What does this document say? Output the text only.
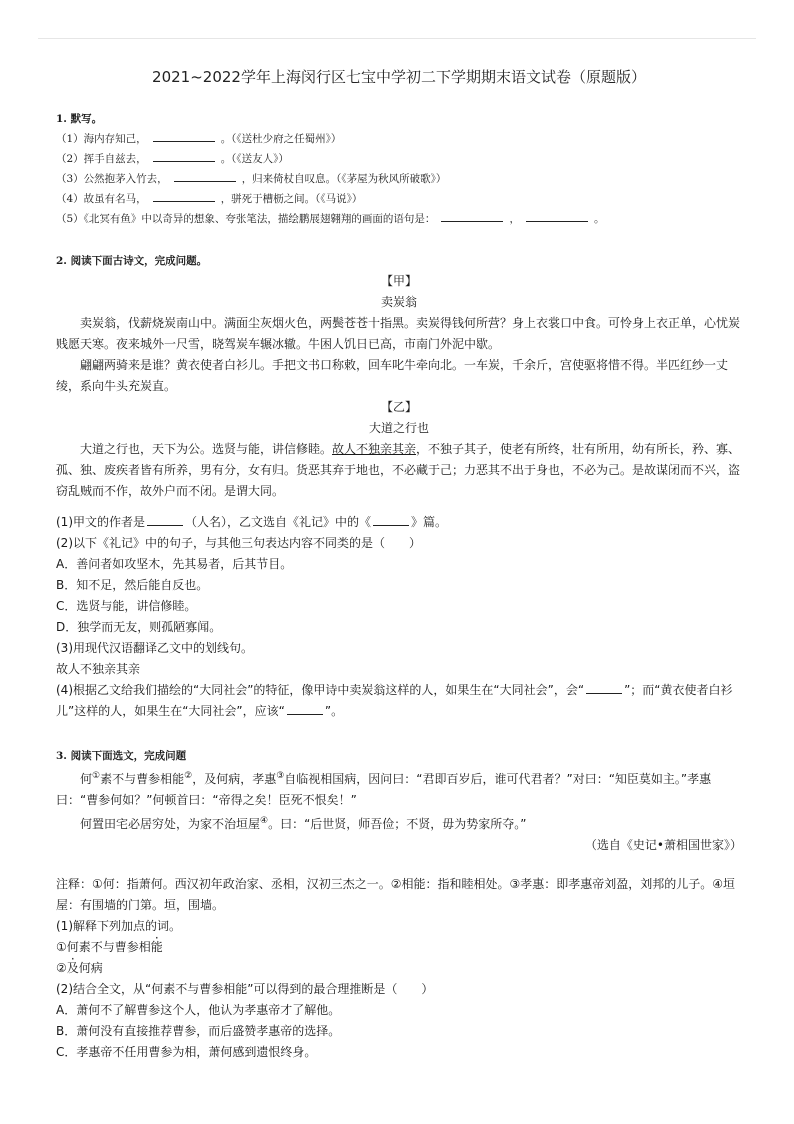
2021~2022学年上海闵行区七宝中学初二下学期期末语文试卷（原题版）
1. 默写。
（1）海内存知己，	。（《送杜少府之任蜀州》）
（2）挥手自兹去，	。（《送友人》）
（3）公然抱茅入竹去，	，归来倚杖自叹息。（《茅屋为秋风所破歌》）
（4）故虽有名马，	，骈死于槽枥之间。（《马说》）
（5）《北冥有鱼》中以奇异的想象、夸张笔法，描绘鹏展翅翱翔的画面的语句是：	，	。
2. 阅读下面古诗文，完成问题。
【甲】
卖炭翁
卖炭翁，伐薪烧炭南山中。满面尘灰烟火色，两鬓苍苍十指黑。卖炭得钱何所营？身上衣裳口中食。可怜身上衣正单，心忧炭贱愿天寒。夜来城外一尺雪，晓驾炭车辗冰辙。牛困人饥日已高，市南门外泥中歇。
翩翩两骑来是谁？黄衣使者白衫儿。手把文书口称敕，回车叱牛牵向北。一车炭，千余斤，宫使驱将惜不得。半匹红纱一丈绫，系向牛头充炭直。
【乙】
大道之行也
大道之行也，天下为公。选贤与能，讲信修睦。故人不独亲其亲，不独子其子，使老有所终，壮有所用，幼有所长，矜、寡、孤、独、废疾者皆有所养，男有分，女有归。货恶其弃于地也，不必藏于己；力恶其不出于身也，不必为己。是故谋闭而不兴，盗窃乱贼而不作，故外户而不闭。是谓大同。
(1)甲文的作者是	（人名），乙文选自《礼记》中的《	》篇。
(2)以下《礼记》中的句子，与其他三句表达内容不同类的是（　　）
A．善问者如攻坚木，先其易者，后其节目。
B．知不足，然后能自反也。
C．选贤与能，讲信修睦。
D．独学而无友，则孤陋寡闻。
(3)用现代汉语翻译乙文中的划线句。
故人不独亲其亲
(4)根据乙文给我们描绘的“大同社会”的特征，像甲诗中卖炭翁这样的人，如果生在“大同社会”，会“	”；而“黄衣使者白衫儿”这样的人，如果生在“大同社会”，应该“	”。
3. 阅读下面选文，完成问题
何①素不与曹参相能②，及何病，孝惠③自临视相国病，因问曰：“君即百岁后，谁可代君者？”对曰：“知臣莫如主。”孝惠曰：“曹参何如？”何顿首曰：“帝得之矣！臣死不恨矣！”
何置田宅必居穷处，为家不治垣屋④。曰：“后世贤，师吾俭；不贤，毋为势家所夺。”
（选自《史记•萧相国世家》）
注释：①何：指萧何。西汉初年政治家、丞相，汉初三杰之一。②相能：指和睦相处。③孝惠：即孝惠帝刘盈，刘邦的儿子。④垣屋：有围墙的门第。垣，围墙。
(1)解释下列加点的词。
①何素不与曹参相能
②及何病
(2)结合全文，从“何素不与曹参相能”可以得到的最合理推断是（　　）
A．萧何不了解曹参这个人，他认为孝惠帝才了解他。
B．萧何没有直接推荐曹参，而后盛赞孝惠帝的选择。
C．孝惠帝不任用曹参为相，萧何感到遗恨终身。
